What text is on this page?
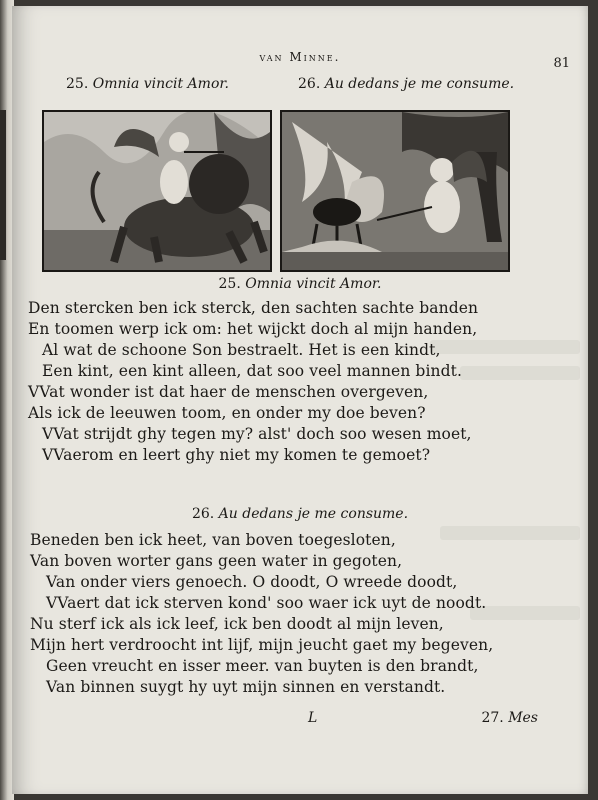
van Minne.	81
25. Omnia vincit Amor.	26. Au dedans je me consume.
25. Omnia vincit Amor.
Den stercken ben ick sterck, den sachten sachte banden
En toomen werp ick om: het wijckt doch al mijn handen,
Al wat de schoone Son bestraelt. Het is een kindt,
Een kint, een kint alleen, dat soo veel mannen bindt.
VVat wonder ist dat haer de menschen overgeven,
Als ick de leeuwen toom, en onder my doe beven?
VVat strijdt ghy tegen my? alst' doch soo wesen moet,
VVaerom en leert ghy niet my komen te gemoet?
26. Au dedans je me consume.
Beneden ben ick heet, van boven toegesloten,
Van boven worter gans geen water in gegoten,
Van onder viers genoech. O doodt, O wreede doodt,
VVaert dat ick sterven kond' soo waer ick uyt de noodt.
Nu sterf ick als ick leef, ick ben doodt al mijn leven,
Mijn hert verdroocht int lijf, mijn jeucht gaet my begeven,
Geen vreucht en isser meer. van buyten is den brandt,
Van binnen suygt hy uyt mijn sinnen en verstandt.
L	27. Mes
